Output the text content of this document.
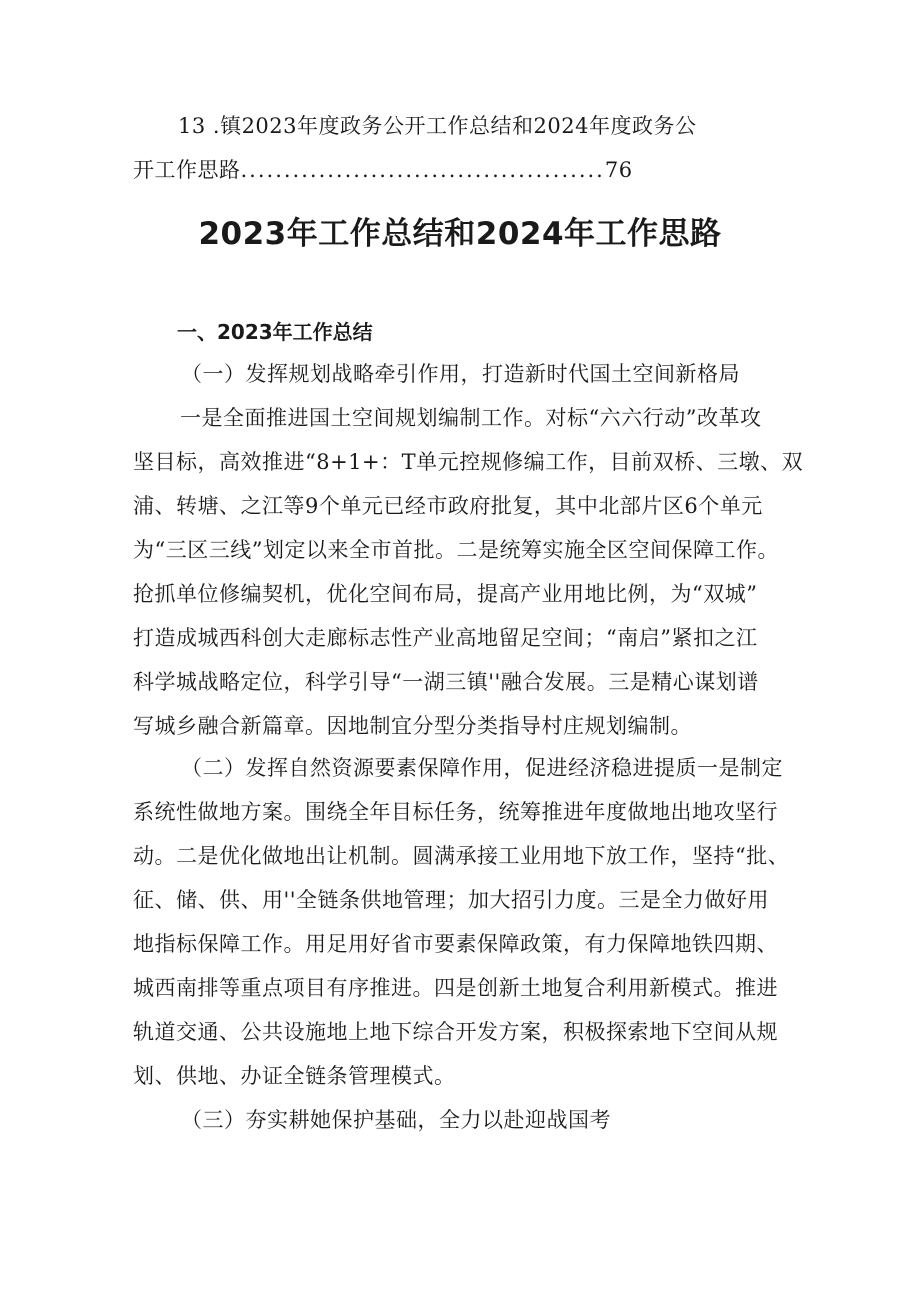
13 .镇2023年度政务公开工作总结和2024年度政务公
开工作思路..........................................76
2023年工作总结和2024年工作思路
一、2023年工作总结
（一）发挥规划战略牵引作用，打造新时代国土空间新格局
一是全面推进国土空间规划编制工作。对标“六六行动”改革攻
坚目标，高效推进“8+1+：T单元控规修编工作，目前双桥、三墩、双
浦、转塘、之江等9个单元已经市政府批复，其中北部片区6个单元
为“三区三线”划定以来全市首批。二是统筹实施全区空间保障工作。
抢抓单位修编契机，优化空间布局，提高产业用地比例，为“双城”
打造成城西科创大走廊标志性产业高地留足空间；“南启”紧扣之江
科学城战略定位，科学引导“一湖三镇''融合发展。三是精心谋划谱
写城乡融合新篇章。因地制宜分型分类指导村庄规划编制。
（二）发挥自然资源要素保障作用，促进经济稳进提质一是制定
系统性做地方案。围绕全年目标任务，统筹推进年度做地出地攻坚行
动。二是优化做地出让机制。圆满承接工业用地下放工作，坚持“批、
征、储、供、用''全链条供地管理；加大招引力度。三是全力做好用
地指标保障工作。用足用好省市要素保障政策，有力保障地铁四期、
城西南排等重点项目有序推进。四是创新土地复合利用新模式。推进
轨道交通、公共设施地上地下综合开发方案，积极探索地下空间从规
划、供地、办证全链条管理模式。
（三）夯实耕她保护基础，全力以赴迎战国考
